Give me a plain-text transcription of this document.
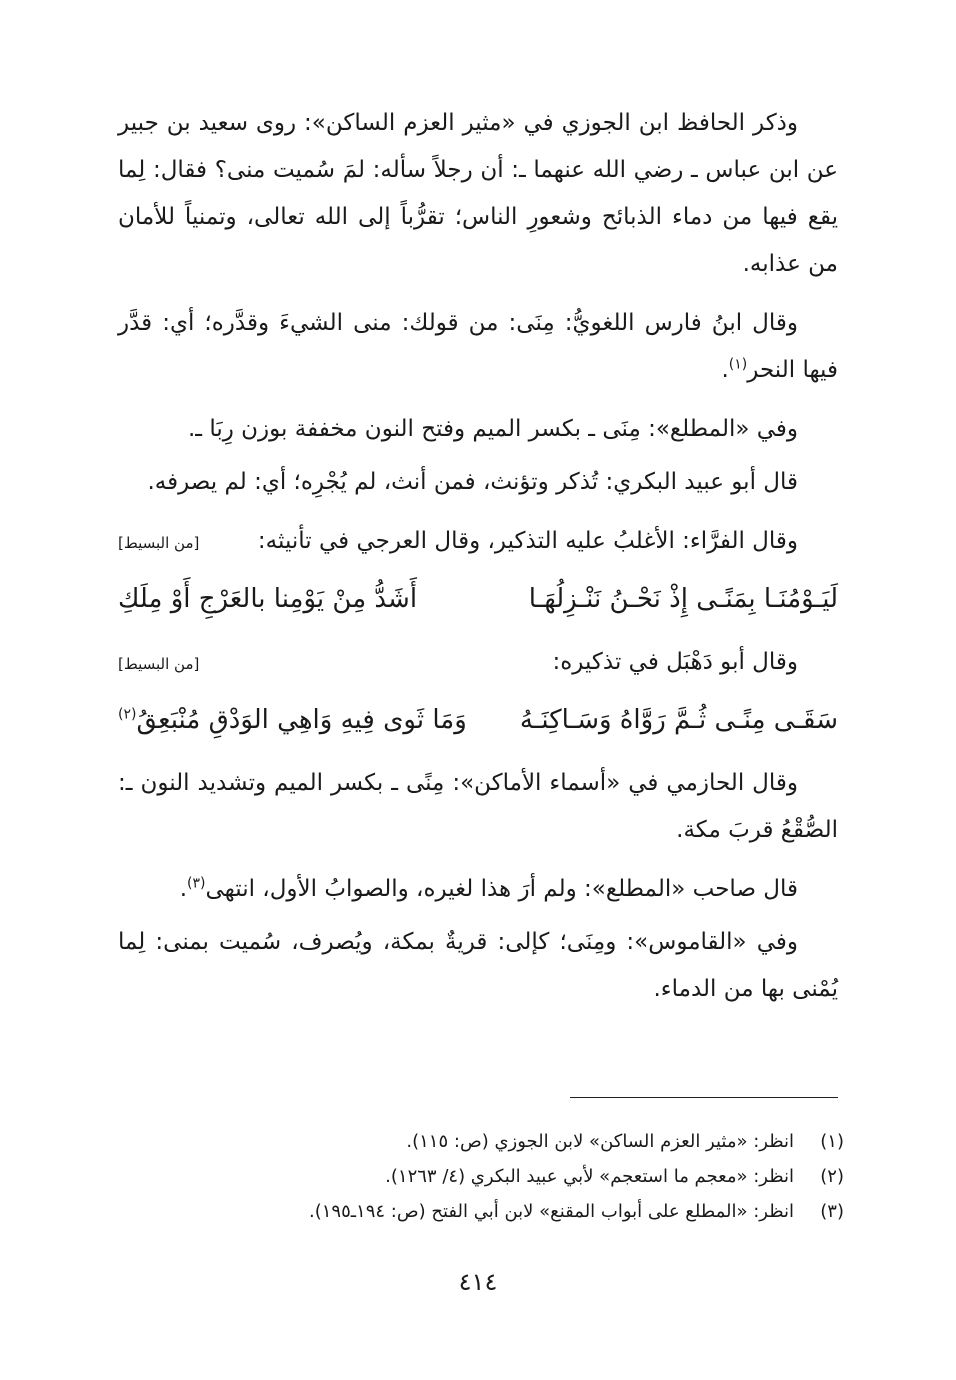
وذكر الحافظ ابن الجوزي في «مثير العزم الساكن»: روى سعيد بن جبير عن ابن عباس ـ رضي الله عنهما ـ: أن رجلاً سأله: لمَ سُميت منى؟ فقال: لِما يقع فيها من دماء الذبائح وشعورِ الناس؛ تقرُّباً إلى الله تعالى، وتمنياً للأمان من عذابه.

وقال ابنُ فارس اللغويُّ: مِنَى: من قولك: منى الشيءَ وقدَّره؛ أي: قدَّر فيها النحر$^{(١)}$.

وفي «المطلع»: مِنَى ـ بكسر الميم وفتح النون مخففة بوزن رِبَا ـ.

قال أبو عبيد البكري: تُذكر وتؤنث، فمن أنث، لم يُجْرِه؛ أي: لم يصرفه.

وقال الفرَّاء: الأغلبُ عليه التذكير، وقال العرجي في تأنيثه:
[من البسيط]

لَيَـوْمُنَـا بِمَنًـى إِذْ نَحْـنُ نَنْـزِلُهَـا
أَشَدُّ مِنْ يَوْمِنا بالعَرْجِ أَوْ مِلَكِ

وقال أبو دَهْبَل في تذكيره:
[من البسيط]

سَقَـى مِنًـى ثُـمَّ رَوَّاهُ وَسَـاكِنَـهُ
وَمَا ثَوى فِيهِ وَاهِي الوَدْقِ مُنْبَعِقُ$^{(٢)}$

وقال الحازمي في «أسماء الأماكن»: مِنًى ـ بكسر الميم وتشديد النون ـ: الصُّقْعُ قربَ مكة.

قال صاحب «المطلع»: ولم أرَ هذا لغيره، والصوابُ الأول، انتهى$^{(٣)}$.

وفي «القاموس»: ومِنَى؛ كإلى: قريةٌ بمكة، ويُصرف، سُميت بمنى: لِما يُمْنى بها من الدماء.

(١)
انظر: «مثير العزم الساكن» لابن الجوزي (ص: ١١٥).
(٢)
انظر: «معجم ما استعجم» لأبي عبيد البكري (٤/ ١٢٦٣).
(٣)
انظر: «المطلع على أبواب المقنع» لابن أبي الفتح (ص: ١٩٤ـ١٩٥).
٤١٤
